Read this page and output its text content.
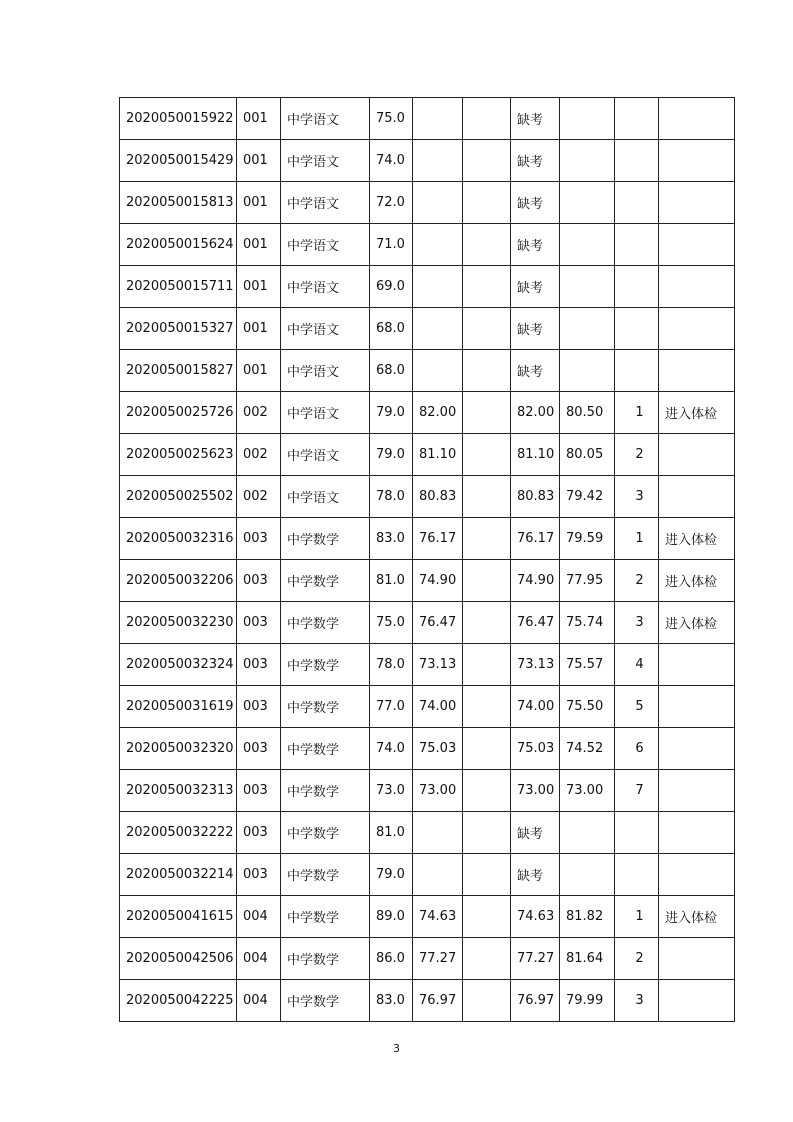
2020050015922	001	中学语文	75.0			缺考			
2020050015429	001	中学语文	74.0			缺考			
2020050015813	001	中学语文	72.0			缺考			
2020050015624	001	中学语文	71.0			缺考			
2020050015711	001	中学语文	69.0			缺考			
2020050015327	001	中学语文	68.0			缺考			
2020050015827	001	中学语文	68.0			缺考			
2020050025726	002	中学语文	79.0	82.00		82.00	80.50	1	进入体检
2020050025623	002	中学语文	79.0	81.10		81.10	80.05	2	
2020050025502	002	中学语文	78.0	80.83		80.83	79.42	3	
2020050032316	003	中学数学	83.0	76.17		76.17	79.59	1	进入体检
2020050032206	003	中学数学	81.0	74.90		74.90	77.95	2	进入体检
2020050032230	003	中学数学	75.0	76.47		76.47	75.74	3	进入体检
2020050032324	003	中学数学	78.0	73.13		73.13	75.57	4	
2020050031619	003	中学数学	77.0	74.00		74.00	75.50	5	
2020050032320	003	中学数学	74.0	75.03		75.03	74.52	6	
2020050032313	003	中学数学	73.0	73.00		73.00	73.00	7	
2020050032222	003	中学数学	81.0			缺考			
2020050032214	003	中学数学	79.0			缺考			
2020050041615	004	中学数学	89.0	74.63		74.63	81.82	1	进入体检
2020050042506	004	中学数学	86.0	77.27		77.27	81.64	2	
2020050042225	004	中学数学	83.0	76.97		76.97	79.99	3	
3
